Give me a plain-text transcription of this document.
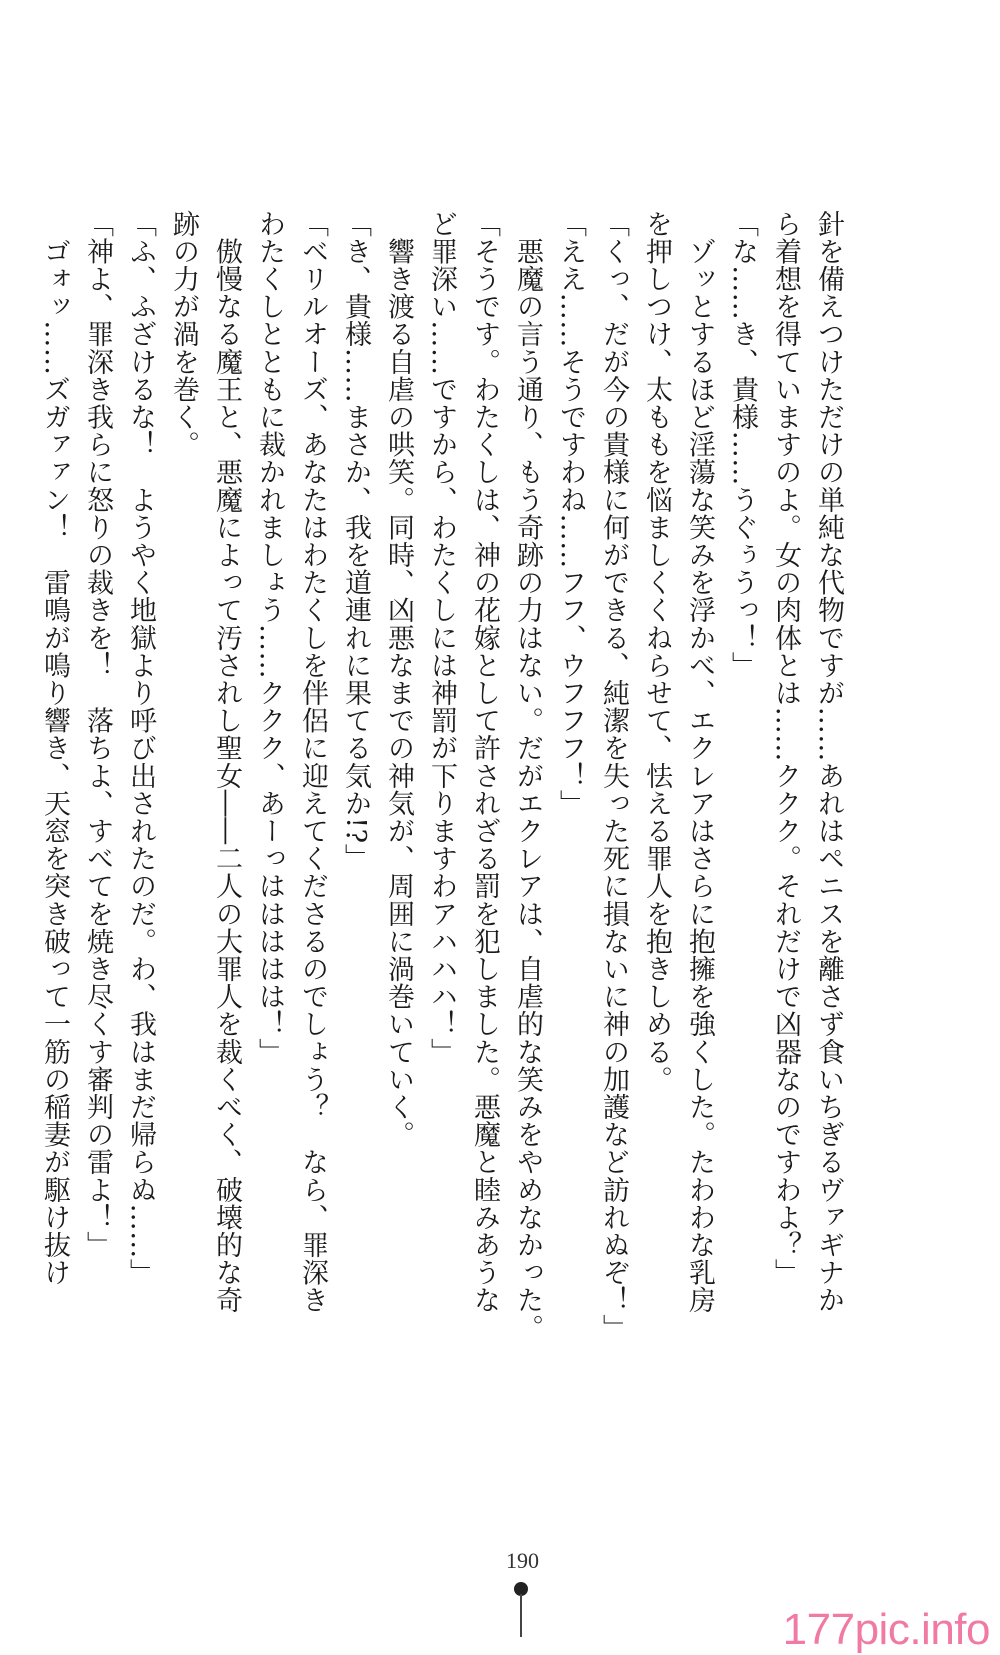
針を備えつけただけの単純な代物ですが……あれはペニスを離さず食いちぎるヴァギナか
ら着想を得ていますのよ。女の肉体とは……ククク。それだけで凶器なのですわよ？」
「な……き、貴様……うぐぅうっ！」
　ゾッとするほど淫蕩な笑みを浮かべ、エクレアはさらに抱擁を強くした。たわわな乳房
を押しつけ、太ももを悩ましくくねらせて、怯える罪人を抱きしめる。
「くっ、だが今の貴様に何ができる、純潔を失った死に損ないに神の加護など訪れぬぞ！」
「ええ……そうですわね……フフ、ウフフフ！」
　悪魔の言う通り、もう奇跡の力はない。だがエクレアは、自虐的な笑みをやめなかった。
「そうです。わたくしは、神の花嫁として許されざる罰を犯しました。悪魔と睦みあうな
ど罪深い……ですから、わたくしには神罰が下りますわアハハハ！」
　響き渡る自虐の哄笑。同時、凶悪なまでの神気が、周囲に渦巻いていく。
「き、貴様……まさか、我を道連れに果てる気か!?」
「ベリルオーズ、あなたはわたくしを伴侶に迎えてくださるのでしょう？　なら、罪深き
わたくしとともに裁かれましょう……ククク、あーっははははは！」
　傲慢なる魔王と、悪魔によって汚されし聖女――二人の大罪人を裁くべく、破壊的な奇
跡の力が渦を巻く。
「ふ、ふざけるな！　ようやく地獄より呼び出されたのだ。わ、我はまだ帰らぬ……」
「神よ、罪深き我らに怒りの裁きを！　落ちよ、すべてを焼き尽くす審判の雷よ！」
　ゴォッ……ズガァァン！　雷鳴が鳴り響き、天窓を突き破って一筋の稲妻が駆け抜け
190
177pic.info
